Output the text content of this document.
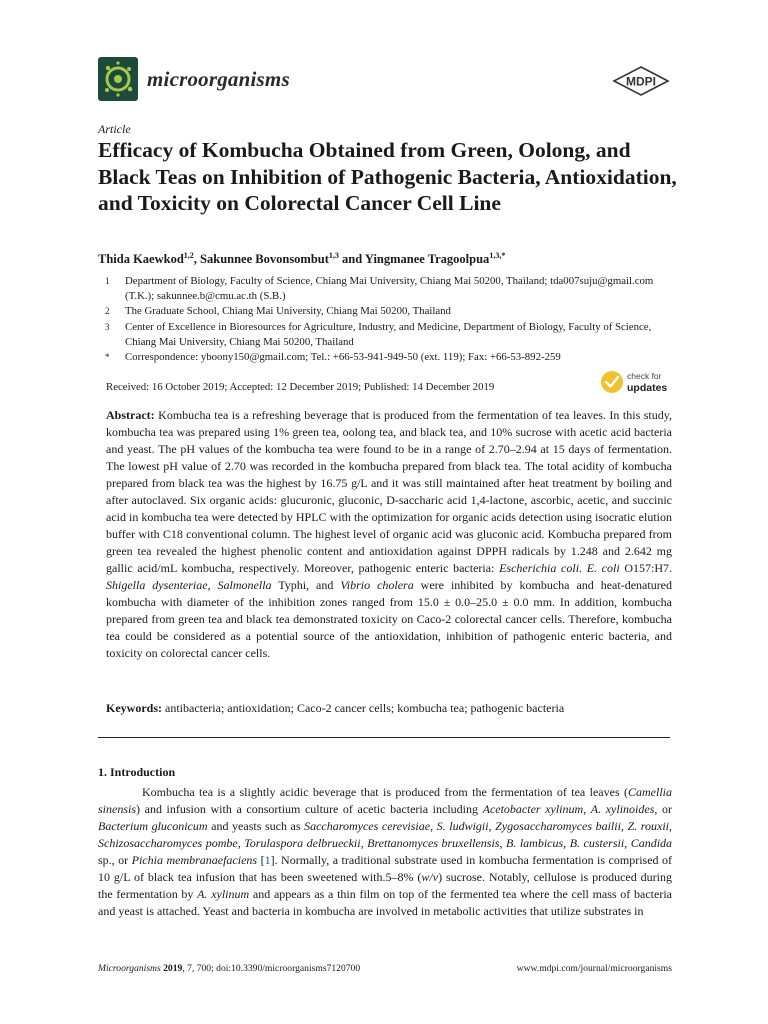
microorganisms	MDPI
Article
Efficacy of Kombucha Obtained from Green, Oolong, and Black Teas on Inhibition of Pathogenic Bacteria, Antioxidation, and Toxicity on Colorectal Cancer Cell Line
Thida Kaewkod$^{1,2}$, Sakunnee Bovonsombut$^{1,3}$ and Yingmanee Tragoolpua$^{1,3,*}$
1 Department of Biology, Faculty of Science, Chiang Mai University, Chiang Mai 50200, Thailand; tda007suju@gmail.com (T.K.); sakunnee.b@cmu.ac.th (S.B.)
2 The Graduate School, Chiang Mai University, Chiang Mai 50200, Thailand
3 Center of Excellence in Bioresources for Agriculture, Industry, and Medicine, Department of Biology, Faculty of Science, Chiang Mai University, Chiang Mai 50200, Thailand
* Correspondence: yboony150@gmail.com; Tel.: +66-53-941-949-50 (ext. 119); Fax: +66-53-892-259
Received: 16 October 2019; Accepted: 12 December 2019; Published: 14 December 2019
check for
updates

Abstract: Kombucha tea is a refreshing beverage that is produced from the fermentation of tea leaves. In this study, kombucha tea was prepared using 1% green tea, oolong tea, and black tea, and 10% sucrose with acetic acid bacteria and yeast. The pH values of the kombucha tea were found to be in a range of 2.70–2.94 at 15 days of fermentation. The lowest pH value of 2.70 was recorded in the kombucha prepared from black tea. The total acidity of kombucha prepared from black tea was the highest by 16.75 g/L and it was still maintained after heat treatment by boiling and after autoclaved. Six organic acids: glucuronic, gluconic, D-saccharic acid 1,4-lactone, ascorbic, acetic, and succinic acid in kombucha tea were detected by HPLC with the optimization for organic acids detection using isocratic elution buffer with C18 conventional column. The highest level of organic acid was gluconic acid. Kombucha prepared from green tea revealed the highest phenolic content and antioxidation against DPPH radicals by 1.248 and 2.642 mg gallic acid/mL kombucha, respectively. Moreover, pathogenic enteric bacteria: Escherichia coli. E. coli O157:H7. Shigella dysenteriae, Salmonella Typhi, and Vibrio cholera were inhibited by kombucha and heat-denatured kombucha with diameter of the inhibition zones ranged from 15.0 ± 0.0–25.0 ± 0.0 mm. In addition, kombucha prepared from green tea and black tea demonstrated toxicity on Caco-2 colorectal cancer cells. Therefore, kombucha tea could be considered as a potential source of the antioxidation, inhibition of pathogenic enteric bacteria, and toxicity on colorectal cancer cells.

Keywords: antibacteria; antioxidation; Caco-2 cancer cells; kombucha tea; pathogenic bacteria
1. Introduction

Kombucha tea is a slightly acidic beverage that is produced from the fermentation of tea leaves (Camellia sinensis) and infusion with a consortium culture of acetic bacteria including Acetobacter xylinum, A. xylinoides, or Bacterium gluconicum and yeasts such as Saccharomyces cerevisiae, S. ludwigii, Zygosaccharomyces bailii, Z. rouxii, Schizosaccharomyces pombe, Torulaspora delbrueckii, Brettanomyces bruxellensis, B. lambicus, B. custersii, Candida sp., or Pichia membranaefaciens [1]. Normally, a traditional substrate used in kombucha fermentation is comprised of 10 g/L of black tea infusion that has been sweetened with.5–8% (w/v) sucrose. Notably, cellulose is produced during the fermentation by A. xylinum and appears as a thin film on top of the fermented tea where the cell mass of bacteria and yeast is attached. Yeast and bacteria in kombucha are involved in metabolic activities that utilize substrates in

Microorganisms 2019, 7, 700; doi:10.3390/microorganisms7120700	www.mdpi.com/journal/microorganisms
